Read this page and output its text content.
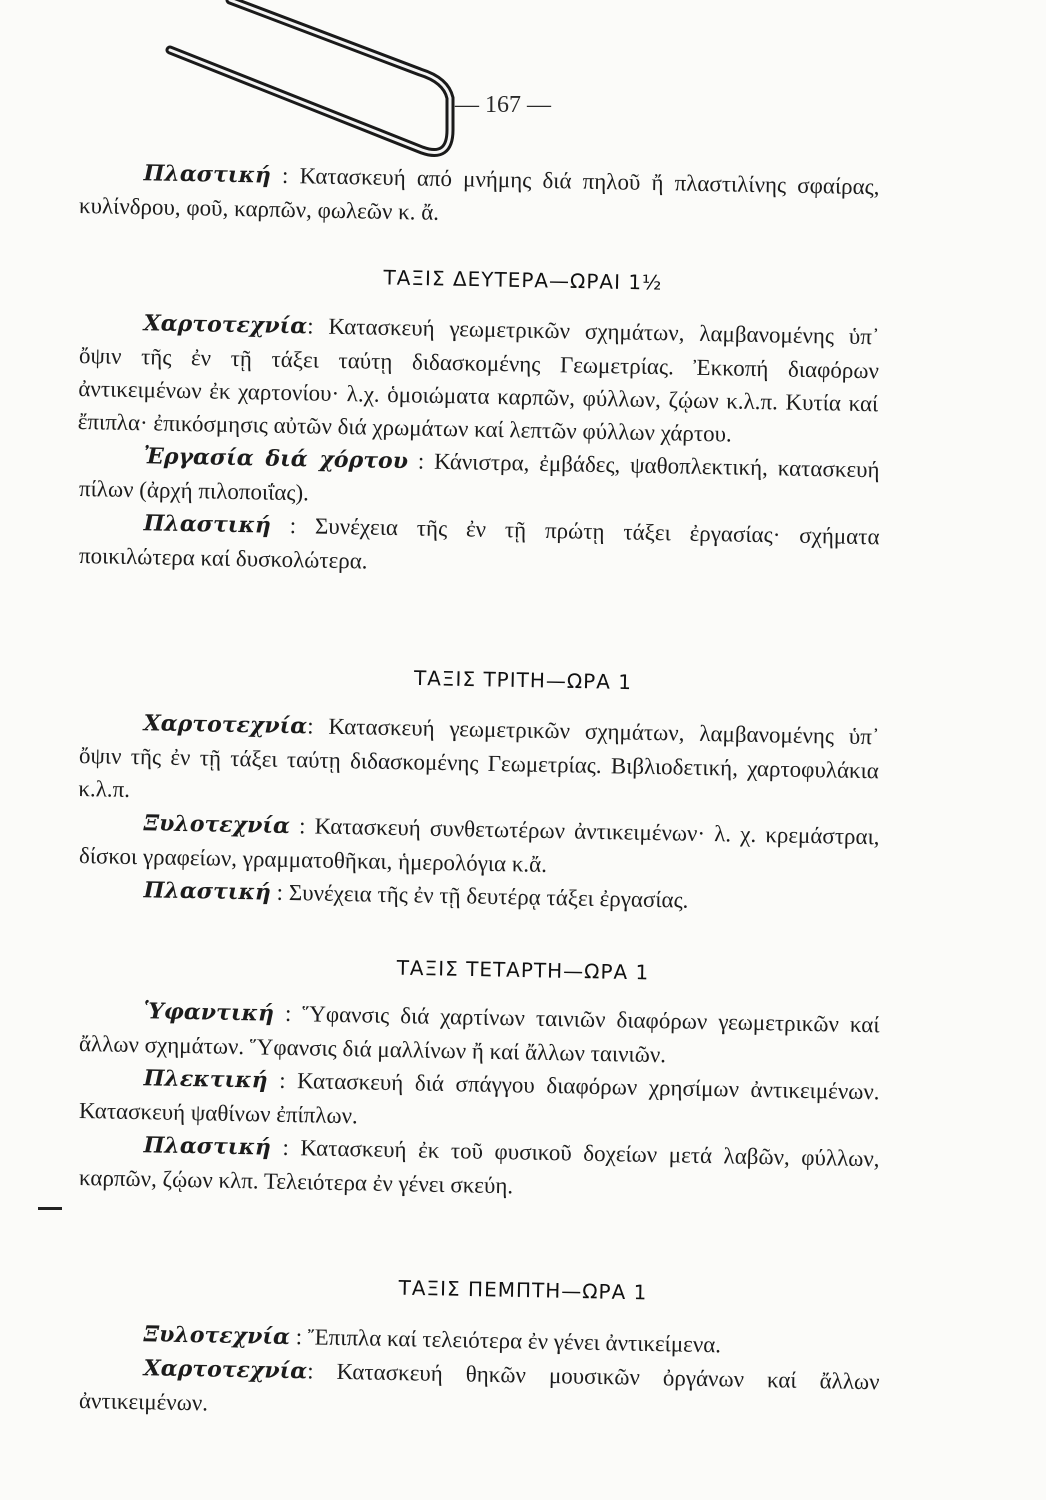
— 167 —

Πλαστική : Κατασκευή από μνήμης διά πηλοῦ ἤ πλαστιλίνης σφαίρας, κυλίνδρου, φοῦ, καρπῶν, φωλεῶν κ. ἄ.

ΤΑΞΙΣ ΔΕΥΤΕΡΑ—ΩΡΑΙ 1½

Χαρτοτεχνία: Κατασκευή γεωμετρικῶν σχημάτων, λαμβανομένης ὑπ᾽ ὄψιν τῆς ἐν τῇ τάξει ταύτῃ διδασκομένης Γεωμετρίας. Ἐκκοπή διαφόρων ἀντικειμένων ἐκ χαρτονίου· λ.χ. ὁμοιώματα καρπῶν, φύλλων, ζῴων κ.λ.π. Κυτία καί ἔπιπλα· ἐπικόσμησις αὐτῶν διά χρωμάτων καί λεπτῶν φύλλων χάρτου.

Ἐργασία διά χόρτου : Κάνιστρα, ἐμβάδες, ψαθοπλεκτική, κατασκευή πίλων (ἀρχή πιλοποιΐας).

Πλαστική : Συνέχεια τῆς ἐν τῇ πρώτῃ τάξει ἐργασίας· σχήματα ποικιλώτερα καί δυσκολώτερα.

ΤΑΞΙΣ ΤΡΙΤΗ—ΩΡΑ 1

Χαρτοτεχνία: Κατασκευή γεωμετρικῶν σχημάτων, λαμβανομένης ὑπ᾽ ὄψιν τῆς ἐν τῇ τάξει ταύτῃ διδασκομένης Γεωμετρίας. Βιβλιοδετική, χαρτοφυλάκια κ.λ.π.

Ξυλοτεχνία : Κατασκευή συνθετωτέρων ἀντικειμένων· λ. χ. κρεμάστραι, δίσκοι γραφείων, γραμματοθῆκαι, ἡμερολόγια κ.ἄ.

Πλαστική : Συνέχεια τῆς ἐν τῇ δευτέρᾳ τάξει ἐργασίας.

ΤΑΞΙΣ ΤΕΤΑΡΤΗ—ΩΡΑ 1

Ὑφαντική : Ὕφανσις διά χαρτίνων ταινιῶν διαφόρων γεωμετρικῶν καί ἄλλων σχημάτων. Ὕφανσις διά μαλλίνων ἤ καί ἄλλων ταινιῶν.

Πλεκτική : Κατασκευή διά σπάγγου διαφόρων χρησίμων ἀντικειμένων. Κατασκευή ψαθίνων ἐπίπλων.

Πλαστική : Κατασκευή ἐκ τοῦ φυσικοῦ δοχείων μετά λαβῶν, φύλλων, καρπῶν, ζῴων κλπ. Τελειότερα ἐν γένει σκεύη.

ΤΑΞΙΣ ΠΕΜΠΤΗ—ΩΡΑ 1

Ξυλοτεχνία : Ἔπιπλα καί τελειότερα ἐν γένει ἀντικείμενα.

Χαρτοτεχνία: Κατασκευή θηκῶν μουσικῶν ὀργάνων καί ἄλλων ἀντικειμένων.
